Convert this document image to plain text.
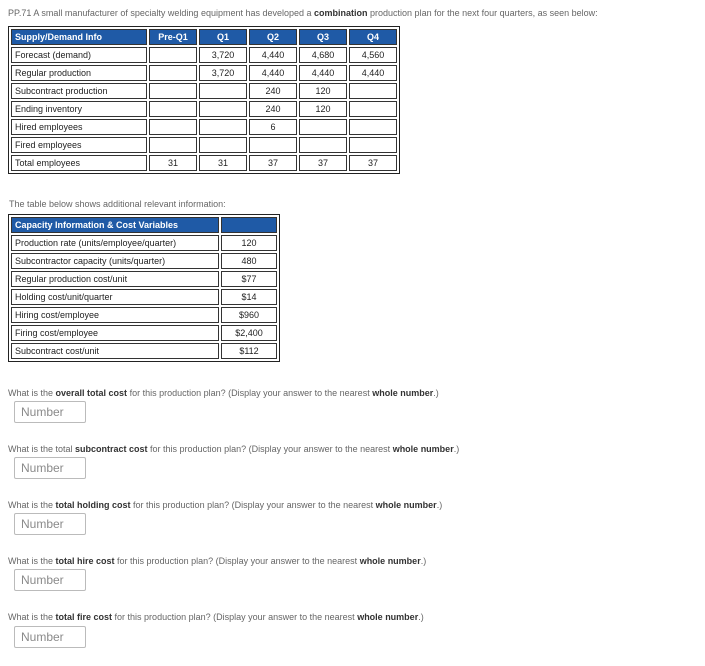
PP.71 A small manufacturer of specialty welding equipment has developed a combination production plan for the next four quarters, as seen below:
Supply/Demand Info	Pre-Q1	Q1	Q2	Q3	Q4
Forecast (demand)		3,720	4,440	4,680	4,560
Regular production		3,720	4,440	4,440	4,440
Subcontract production			240	120	
Ending inventory			240	120	
Hired employees			6		
Fired employees					
Total employees	31	31	37	37	37
The table below shows additional relevant information:
Capacity Information & Cost Variables	
Production rate (units/employee/quarter)	120
Subcontractor capacity (units/quarter)	480
Regular production cost/unit	$77
Holding cost/unit/quarter	$14
Hiring cost/employee	$960
Firing cost/employee	$2,400
Subcontract cost/unit	$112
What is the overall total cost for this production plan? (Display your answer to the nearest whole number.)
Number
What is the total subcontract cost for this production plan? (Display your answer to the nearest whole number.)
Number
What is the total holding cost for this production plan? (Display your answer to the nearest whole number.)
Number
What is the total hire cost for this production plan? (Display your answer to the nearest whole number.)
Number
What is the total fire cost for this production plan? (Display your answer to the nearest whole number.)
Number
